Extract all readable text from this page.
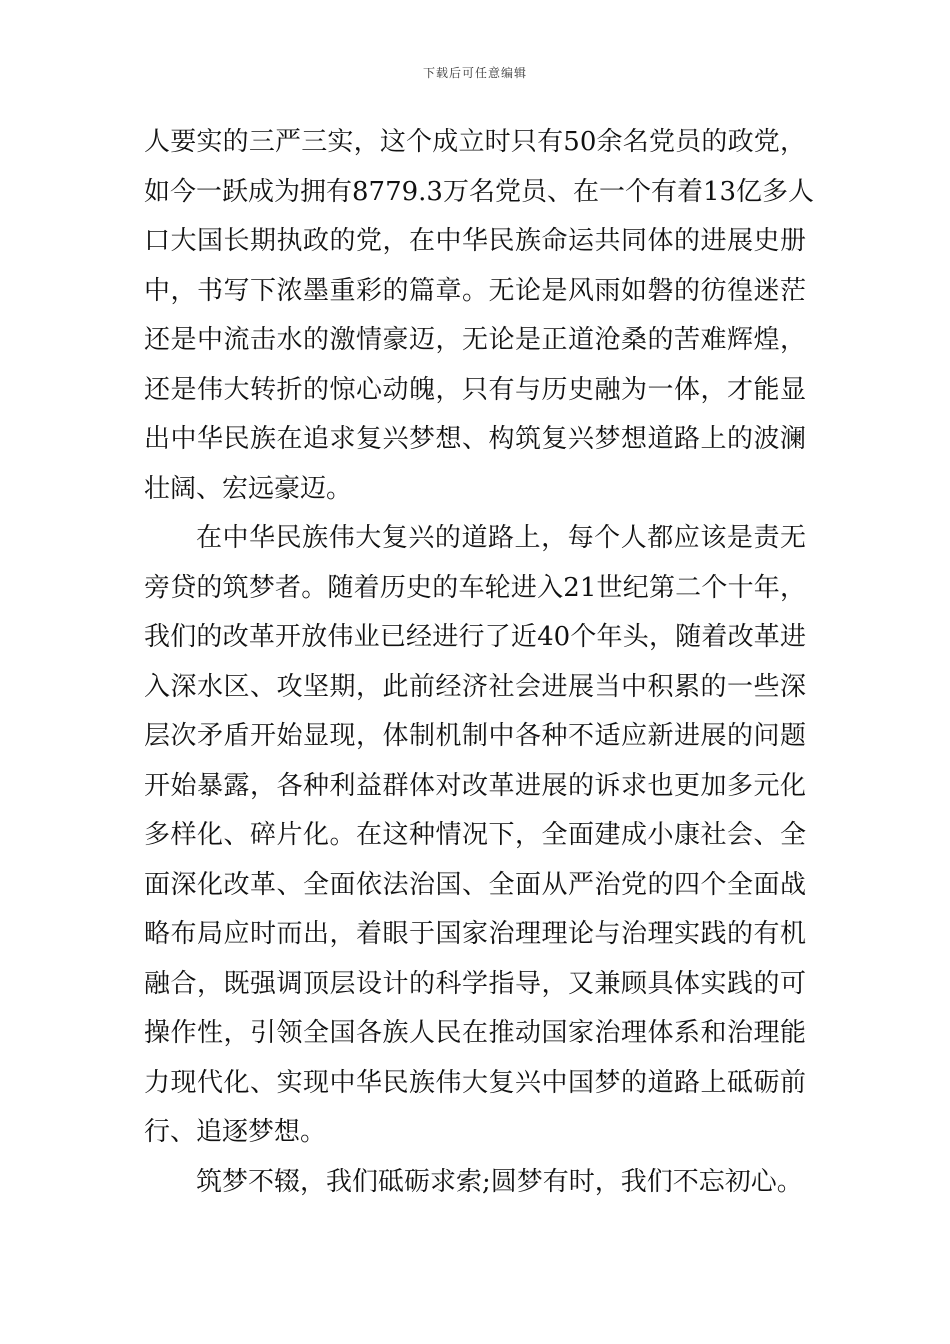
下载后可任意编辑
人要实的三严三实，这个成立时只有50余名党员的政党，
如今一跃成为拥有8779.3万名党员、在一个有着13亿多人
口大国长期执政的党，在中华民族命运共同体的进展史册
中，书写下浓墨重彩的篇章。无论是风雨如磐的彷徨迷茫
还是中流击水的激情豪迈，无论是正道沧桑的苦难辉煌，
还是伟大转折的惊心动魄，只有与历史融为一体，才能显
出中华民族在追求复兴梦想、构筑复兴梦想道路上的波澜
壮阔、宏远豪迈。
在中华民族伟大复兴的道路上，每个人都应该是责无
旁贷的筑梦者。随着历史的车轮进入21世纪第二个十年，
我们的改革开放伟业已经进行了近40个年头，随着改革进
入深水区、攻坚期，此前经济社会进展当中积累的一些深
层次矛盾开始显现，体制机制中各种不适应新进展的问题
开始暴露，各种利益群体对改革进展的诉求也更加多元化
多样化、碎片化。在这种情况下，全面建成小康社会、全
面深化改革、全面依法治国、全面从严治党的四个全面战
略布局应时而出，着眼于国家治理理论与治理实践的有机
融合，既强调顶层设计的科学指导，又兼顾具体实践的可
操作性，引领全国各族人民在推动国家治理体系和治理能
力现代化、实现中华民族伟大复兴中国梦的道路上砥砺前
行、追逐梦想。
筑梦不辍，我们砥砺求索;圆梦有时，我们不忘初心。
